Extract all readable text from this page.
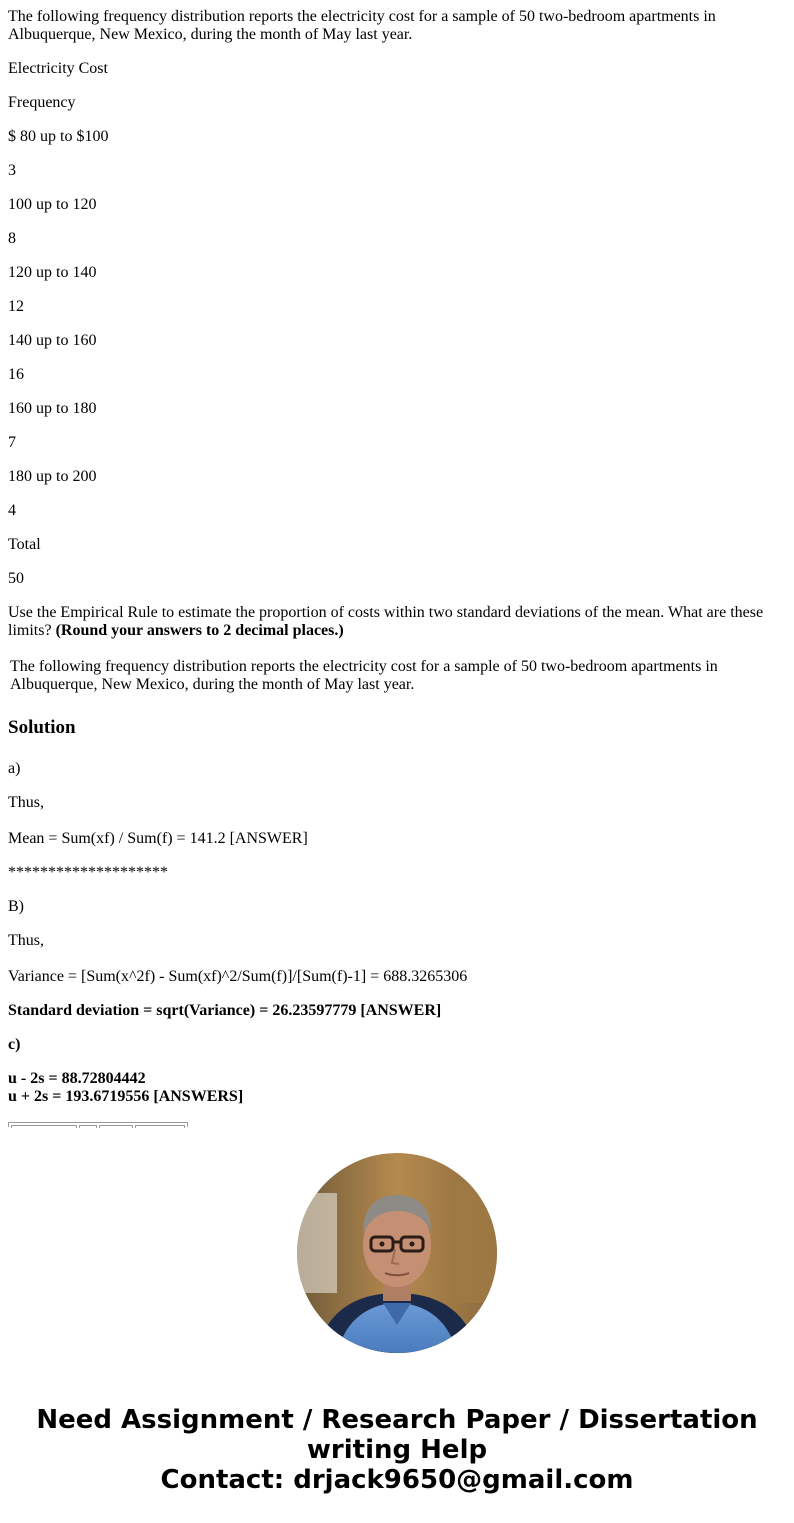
The following frequency distribution reports the electricity cost for a sample of 50 two-bedroom apartments in Albuquerque, New Mexico, during the month of May last year.

Electricity Cost

Frequency

$ 80 up to $100

3

100 up to 120

8

120 up to 140

12

140 up to 160

16

160 up to 180

7

180 up to 200

4

Total

50

Use the Empirical Rule to estimate the proportion of costs within two standard deviations of the mean. What are these limits? (Round your answers to 2 decimal places.)

The following frequency distribution reports the electricity cost for a sample of 50 two-bedroom apartments in Albuquerque, New Mexico, during the month of May last year.

Solution

a)

Thus,

Mean = Sum(xf) / Sum(f) = 141.2 [ANSWER]

********************

B)

Thus,

Variance = [Sum(x^2f) - Sum(xf)^2/Sum(f)]/[Sum(f)-1] = 688.3265306

Standard deviation = sqrt(Variance) = 26.23597779 [ANSWER]

c)

u - 2s = 88.72804442

u + 2s = 193.6719556 [ANSWERS]

Need Assignment / Research Paper / Dissertation
writing Help
Contact: drjack9650@gmail.com
